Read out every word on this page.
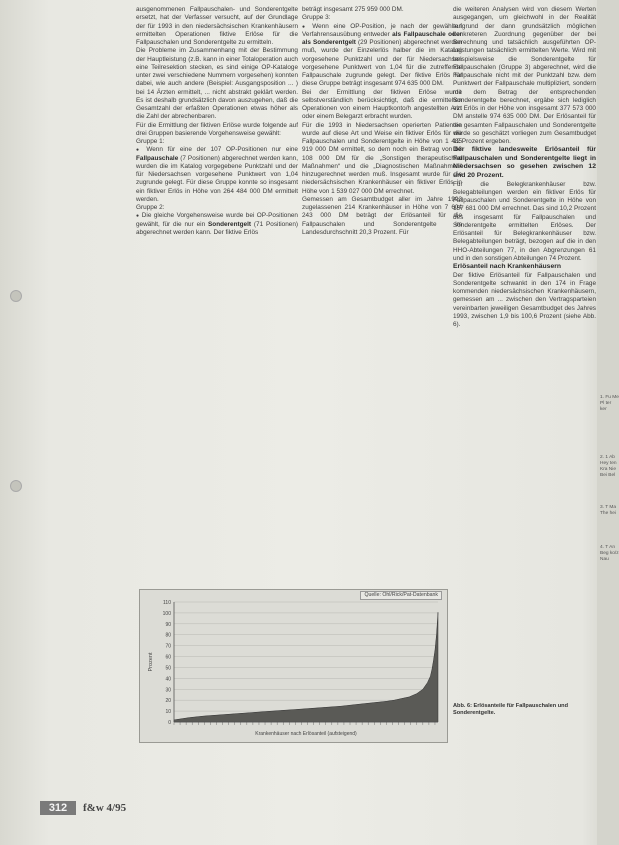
ausgenommenen Fallpauschalen- und Sonderentgelte ersetzt, hat der Verfasser versucht, auf der Grundlage der für 1993 in den niedersächsischen Krankenhäusern ermittelten Operationen fiktive Erlöse für die Fallpauschalen und Sonderentgelte zu ermitteln.

Die Probleme im Zusammenhang mit der Bestimmung der Hauptleistung (z.B. kann in einer Totaloperation auch eine Teilresektion stecken, es sind einige OP-Kataloge unter zwei verschiedene Nummern vorgesehen) konnten dabei, wie auch andere (Beispiel: Ausgangsposition ... ) bei 14 Ärzten ermittelt, ... nicht abstrakt geklärt werden. Es ist deshalb grundsätzlich davon auszugehen, daß die Gesamtzahl der erfaßten Operationen etwas höher als die Zahl der abrechenbaren.

Für die Ermittlung der fiktiven Erlöse wurde folgende auf drei Gruppen basierende Vorgehensweise gewählt:

Gruppe 1:

● Wenn für eine der 107 OP-Positionen nur eine Fallpauschale (7 Positionen) abgerechnet werden kann, wurden die im Katalog vorgegebene Punktzahl und der für Niedersachsen vorgesehene Punktwert von 1,04 zugrunde gelegt. Für diese Gruppe konnte so insgesamt ein fiktiver Erlös in Höhe von 264 484 000 DM ermittelt werden.

Gruppe 2:

● Die gleiche Vorgehensweise wurde bei OP-Positionen gewählt, für die nur ein Sonderentgelt (71 Positionen) abgerechnet werden kann. Der fiktive Erlös

beträgt insgesamt 275 959 000 DM.

Gruppe 3:

● Wenn eine OP-Position, je nach der gewählten Verfahrensausübung entweder als Fallpauschale oder als Sonderentgelt (29 Positionen) abgerechnet werden muß, wurde der Einzelerlös halber die im Katalog vorgesehene Punktzahl und der für Niedersachsen vorgesehene Punktwert von 1,04 für die zutreffende Fallpauschale zugrunde gelegt. Der fiktive Erlös für diese Gruppe beträgt insgesamt 974 635 000 DM.

Bei der Ermittlung der fiktiven Erlöse wurde selbstverständlich berücksichtigt, daß die ermittelten Operationen von einem Hauptkonto/h angestellten Arzt oder einem Belegarzt erbracht wurden.

Für die 1993 in Niedersachsen operierten Patienten wurde auf diese Art und Weise ein fiktiver Erlös für die Fallpauschalen und Sonderentgelte in Höhe von 1 485 919 000 DM ermittelt, so dem noch ein Betrag von 63 108 000 DM für die „Sonstigen therapeutischen Maßnahmen“ und die „Diagnostischen Maßnahmen“ hinzugerechnet werden muß. Insgesamt wurde für die niedersächsischen Krankenhäuser ein fiktiver Erlös in Höhe von 1 539 027 000 DM errechnet.

Gemessen am Gesamtbudget aller im Jahre 1993 zugelassenen 214 Krankenhäuser in Höhe von 7 604 243 000 DM beträgt der Erlösanteil für die Fallpauschalen und Sonderentgelte im Landesdurchschnitt 20,3 Prozent. Für

die weiteren Analysen wird von diesem Werten ausgegangen, um gleichwohl in der Realität aufgrund der dann grundsätzlich möglichen konkreteren Zuordnung gegenüber der bei Berechnung und tatsächlich ausgeführten OP-Leistungen tatsächlich ermittelten Werte. Wird mit beispielsweise die Sonderentgelte für Fallpauschalen (Gruppe 3) abgerechnet, wird die Fallpauschale nicht mit der Punktzahl bzw. dem Punktwert der Fallpauschale multipliziert, sondern mit dem Betrag der entsprechenden Sonderentgelte berechnet, ergäbe sich lediglich ein Erlös in der Höhe von insgesamt 377 573 000 DM anstelle 974 635 000 DM. Der Erlösanteil für die gesamten Fallpauschalen und Sonderentgelte würde so geschätzt vorliegen zum Gesamtbudget 12 Prozent ergeben.

Der fiktive landesweite Erlösanteil für Fallpauschalen und Sonderentgelte liegt in Niedersachsen so gesehen zwischen 12 und 20 Prozent.

Für die Belegkrankenhäuser bzw. Belegabteilungen werden ein fiktiver Erlös für Fallpauschalen und Sonderentgelte in Höhe von 157 681 000 DM errechnet. Das sind 10,2 Prozent des insgesamt für Fallpauschalen und Sonderentgelte ermittelten Erlöses. Der Erlösanteil für Belegkrankenhäuser bzw. Belegabteilungen beträgt, bezogen auf die in den HHO-Abteilungen 77, in den Abgrenzungen 61 und in den sonstigen Abteilungen 74 Prozent.

Erlösanteil nach Krankenhäusern

Der fiktive Erlösanteil für Fallpauschalen und Sonderentgelte schwankt in den 174 in Frage kommenden niedersächsischen Krankenhäusern, gemessen am ... zwischen den Vertragsparteien vereinbarten jeweiligen Gesamtbudget des Jahres 1993, zwischen 1,9 bis 100,6 Prozent (siehe Abb. 6).

0
10
20
30
40
50
60
70
80
90
100
110
Prozent
Krankenhäuser nach Erlösanteil (aufsteigend)
Quelle: Ohl/Rick/Pat-Datenbank
Abb. 6: Erlösanteile für Fallpauschalen und Sonderentgelte.
312	f&w 4/95
1. Fu Me Pl ter ker
2. 1 Ab Hey ten Kra Nie Bei Bel
3. T Ma The hei
4. T An Beg ko/z Nau
